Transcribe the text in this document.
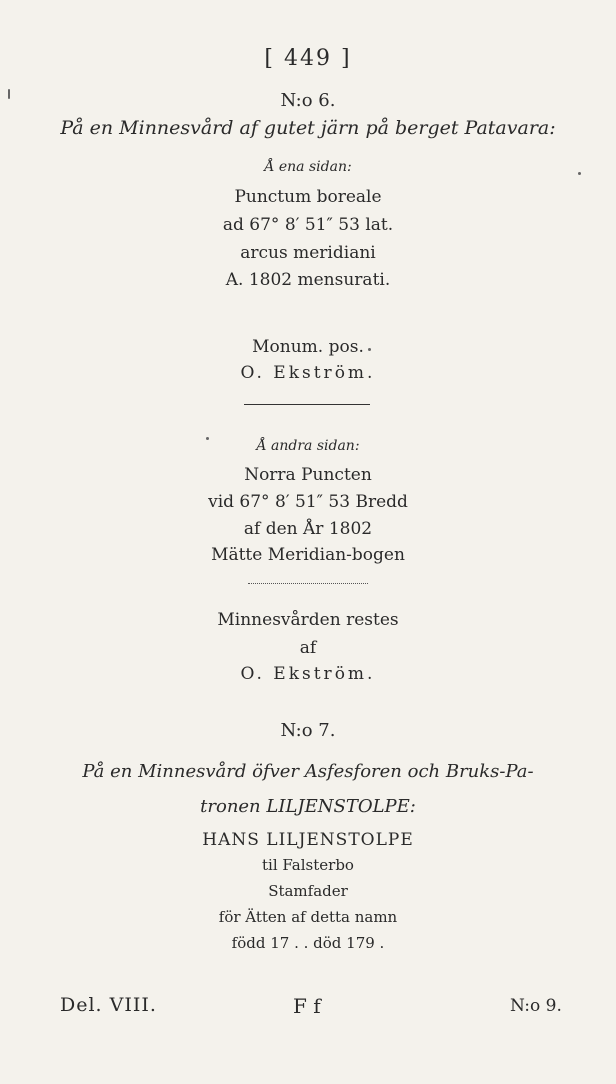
[ 449 ]
N:o 6.
På en Minnesvård af gutet järn på berget Patavara:
Å ena sidan:
Punctum boreale
ad 67° 8′ 51″ 53 lat.
arcus meridiani
A. 1802 mensurati.
Monum. pos.
O. Ekström.
Å andra sidan:
Norra Puncten
vid 67° 8′ 51″ 53 Bredd
af den År 1802
Mätte Meridian-bogen
Minnesvården restes
af
O. Ekström.
N:o 7.
På en Minnesvård öfver Asfesforen och Bruks-Pa-
tronen LILJENSTOLPE:
HANS LILJENSTOLPE
til Falsterbo
Stamfader
för Ätten af detta namn
född 17 . . död 179 .
Del. VIII.	F f	N:o 9.
